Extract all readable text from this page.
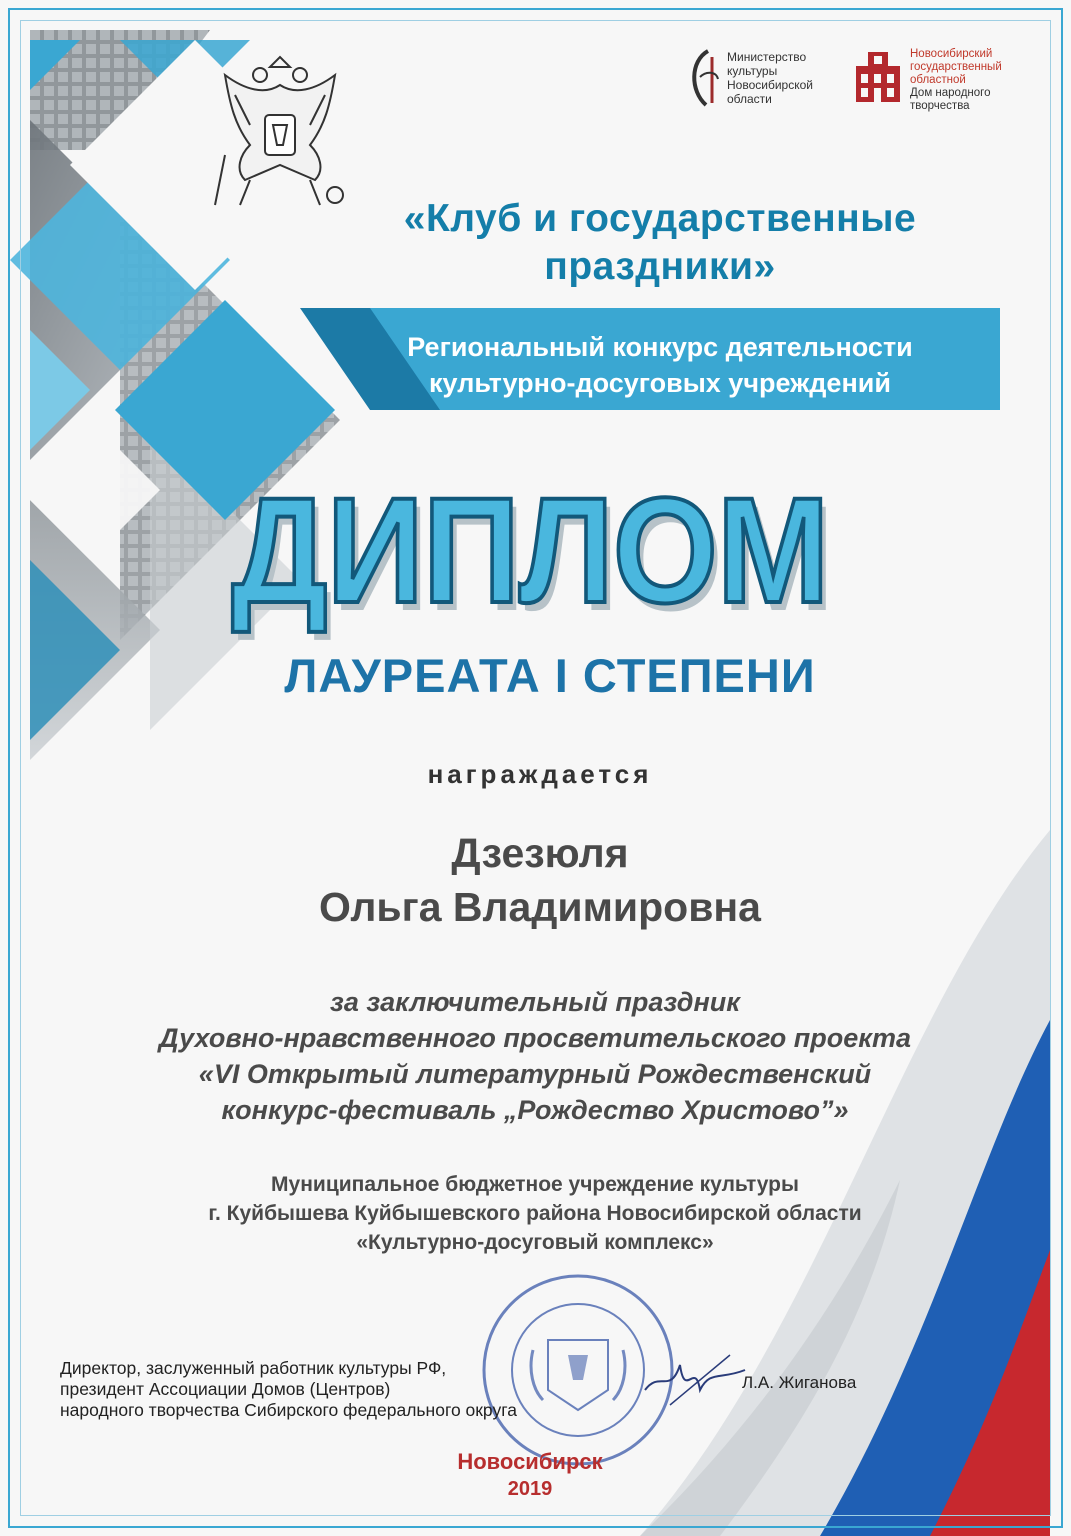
Министерство
культуры
Новосибирской
области
Новосибирский
государственный
областной
Дом народного
творчества
«Клуб и государственные
праздники»
Региональный конкурс деятельности
культурно-досуговых учреждений
ДИПЛОМ
ЛАУРЕАТА I СТЕПЕНИ
награждается
Дзезюля
Ольга Владимировна
за заключительный праздник
Духовно-нравственного просветительского проекта
«VI Открытый литературный Рождественский
конкурс-фестиваль „Рождество Христово”»
Муниципальное бюджетное учреждение культуры
г. Куйбышева Куйбышевского района Новосибирской области
«Культурно-досуговый комплекс»
Директор, заслуженный работник культуры РФ,
президент Ассоциации Домов (Центров)
народного творчества Сибирского федерального округа
Л.А. Жиганова
Новосибирск
2019
